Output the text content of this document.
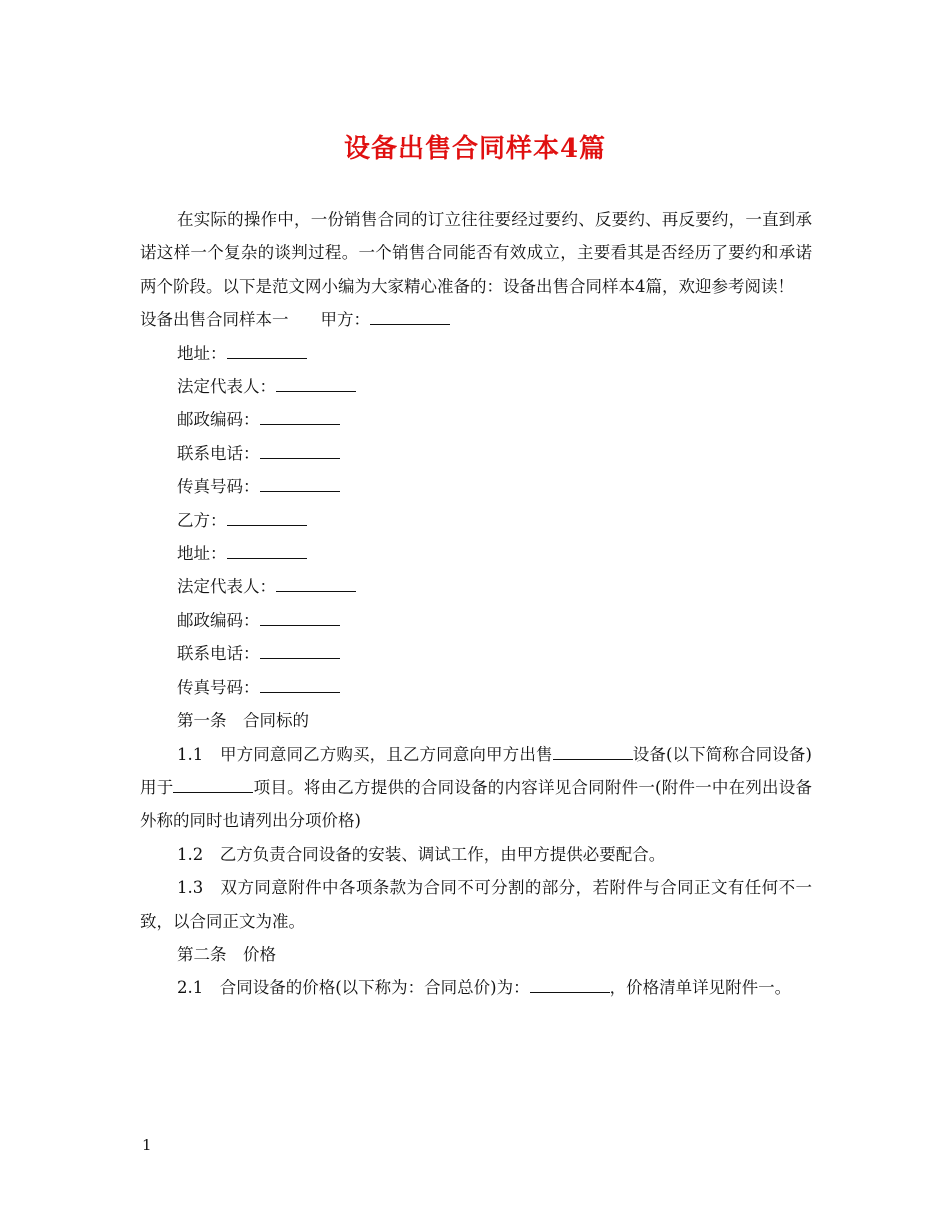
设备出售合同样本4篇

在实际的操作中，一份销售合同的订立往往要经过要约、反要约、再反要约，一直到承诺这样一个复杂的谈判过程。一个销售合同能否有效成立，主要看其是否经历了要约和承诺两个阶段。以下是范文网小编为大家精心准备的：设备出售合同样本4篇，欢迎参考阅读！

设备出售合同样本一 甲方：

地址：

法定代表人：

邮政编码：

联系电话：

传真号码：

乙方：

地址：

法定代表人：

邮政编码：

联系电话：

传真号码：

第一条　合同标的

1.1　甲方同意同乙方购买，且乙方同意向甲方出售	设备(以下简称合同设备)用于	项目。将由乙方提供的合同设备的内容详见合同附件一(附件一中在列出设备外称的同时也请列出分项价格)

1.2　乙方负责合同设备的安装、调试工作，由甲方提供必要配合。

1.3　双方同意附件中各项条款为合同不可分割的部分，若附件与合同正文有任何不一致，以合同正文为准。

第二条　价格

2.1　合同设备的价格(以下称为：合同总价)为：	，价格清单详见附件一。

1
